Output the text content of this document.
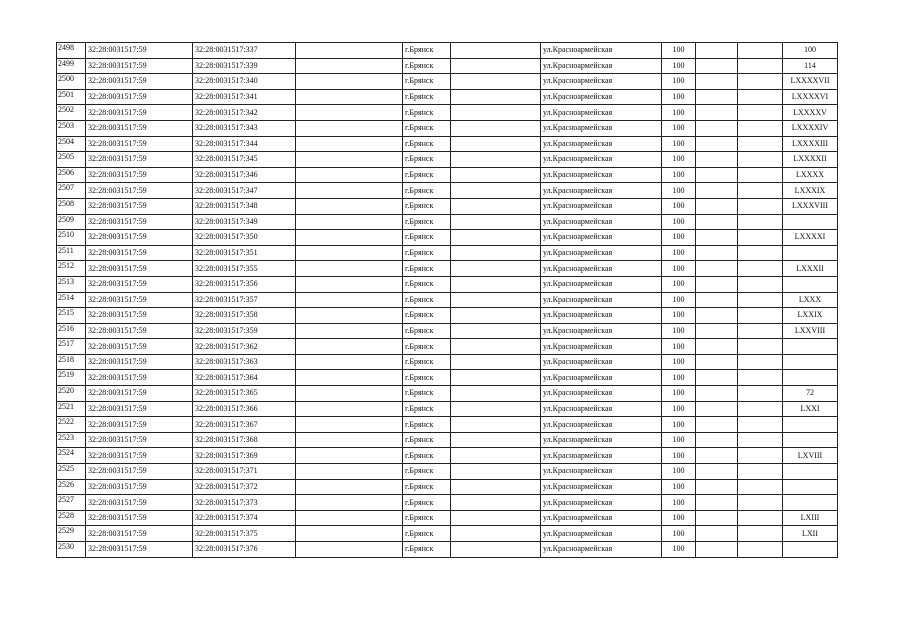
2498	32:28:0031517:59	32:28:0031517:337		г.Брянск		ул.Красноармейская	100			100
2499	32:28:0031517:59	32:28:0031517:339		г.Брянск		ул.Красноармейская	100			114
2500	32:28:0031517:59	32:28:0031517:340		г.Брянск		ул.Красноармейская	100			LXXXXVII
2501	32:28:0031517:59	32:28:0031517:341		г.Брянск		ул.Красноармейская	100			LXXXXVI
2502	32:28:0031517:59	32:28:0031517:342		г.Брянск		ул.Красноармейская	100			LXXXXV
2503	32:28:0031517:59	32:28:0031517:343		г.Брянск		ул.Красноармейская	100			LXXXXIV
2504	32:28:0031517:59	32:28:0031517:344		г.Брянск		ул.Красноармейская	100			LXXXXIII
2505	32:28:0031517:59	32:28:0031517:345		г.Брянск		ул.Красноармейская	100			LXXXXII
2506	32:28:0031517:59	32:28:0031517:346		г.Брянск		ул.Красноармейская	100			LXXXX
2507	32:28:0031517:59	32:28:0031517:347		г.Брянск		ул.Красноармейская	100			LXXXIX
2508	32:28:0031517:59	32:28:0031517:348		г.Брянск		ул.Красноармейская	100			LXXXVIII
2509	32:28:0031517:59	32:28:0031517:349		г.Брянск		ул.Красноармейская	100			
2510	32:28:0031517:59	32:28:0031517:350		г.Брянск		ул.Красноармейская	100			LXXXXI
2511	32:28:0031517:59	32:28:0031517:351		г.Брянск		ул.Красноармейская	100			
2512	32:28:0031517:59	32:28:0031517:355		г.Брянск		ул.Красноармейская	100			LXXXII
2513	32:28:0031517:59	32:28:0031517:356		г.Брянск		ул.Красноармейская	100			
2514	32:28:0031517:59	32:28:0031517:357		г.Брянск		ул.Красноармейская	100			LXXX
2515	32:28:0031517:59	32:28:0031517:358		г.Брянск		ул.Красноармейская	100			LXXIX
2516	32:28:0031517:59	32:28:0031517:359		г.Брянск		ул.Красноармейская	100			LXXVIII
2517	32:28:0031517:59	32:28:0031517:362		г.Брянск		ул.Красноармейская	100			
2518	32:28:0031517:59	32:28:0031517:363		г.Брянск		ул.Красноармейская	100			
2519	32:28:0031517:59	32:28:0031517:364		г.Брянск		ул.Красноармейская	100			
2520	32:28:0031517:59	32:28:0031517:365		г.Брянск		ул.Красноармейская	100			72
2521	32:28:0031517:59	32:28:0031517:366		г.Брянск		ул.Красноармейская	100			LXXI
2522	32:28:0031517:59	32:28:0031517:367		г.Брянск		ул.Красноармейская	100			
2523	32:28:0031517:59	32:28:0031517:368		г.Брянск		ул.Красноармейская	100			
2524	32:28:0031517:59	32:28:0031517:369		г.Брянск		ул.Красноармейская	100			LXVIII
2525	32:28:0031517:59	32:28:0031517:371		г.Брянск		ул.Красноармейская	100			
2526	32:28:0031517:59	32:28:0031517:372		г.Брянск		ул.Красноармейская	100			
2527	32:28:0031517:59	32:28:0031517:373		г.Брянск		ул.Красноармейская	100			
2528	32:28:0031517:59	32:28:0031517:374		г.Брянск		ул.Красноармейская	100			LXIII
2529	32:28:0031517:59	32:28:0031517:375		г.Брянск		ул.Красноармейская	100			LXII
2530	32:28:0031517:59	32:28:0031517:376		г.Брянск		ул.Красноармейская	100			
